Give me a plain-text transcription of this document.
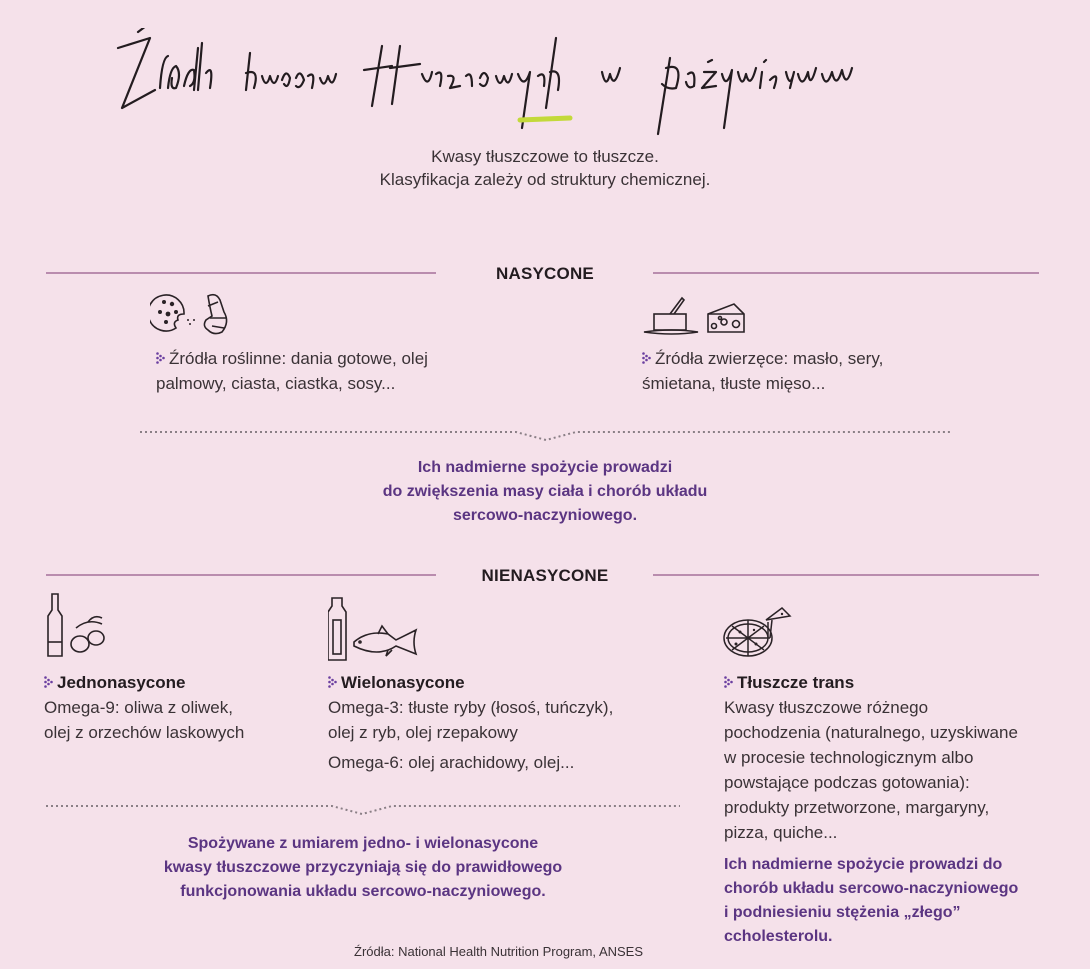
Kwasy tłuszczowe to tłuszcze.
Klasyfikacja zależy od struktury chemicznej.
NASYCONE
Źródła roślinne: dania gotowe, olej
palmowy, ciasta, ciastka, sosy...
Źródła zwierzęce: masło, sery,
śmietana, tłuste mięso...
Ich nadmierne spożycie prowadzi
do zwiększenia masy ciała i chorób układu
sercowo-naczyniowego.
NIENASYCONE
Jednonasycone
Omega-9: oliwa z oliwek,
olej z orzechów laskowych
Wielonasycone
Omega-3: tłuste ryby (łosoś, tuńczyk),
olej z ryb, olej rzepakowy
Omega-6: olej arachidowy, olej...
Spożywane z umiarem jedno- i wielonasycone
kwasy tłuszczowe przyczyniają się do prawidłowego
funkcjonowania układu sercowo-naczyniowego.
Tłuszcze trans
Kwasy tłuszczowe różnego
pochodzenia (naturalnego, uzyskiwane
w procesie technologicznym albo
powstające podczas gotowania):
produkty przetworzone, margaryny,
pizza, quiche...
Ich nadmierne spożycie prowadzi do
chorób układu sercowo-naczyniowego
i podniesieniu stężenia „złego”
ccholesterolu.
Źródła: National Health Nutrition Program, ANSES
